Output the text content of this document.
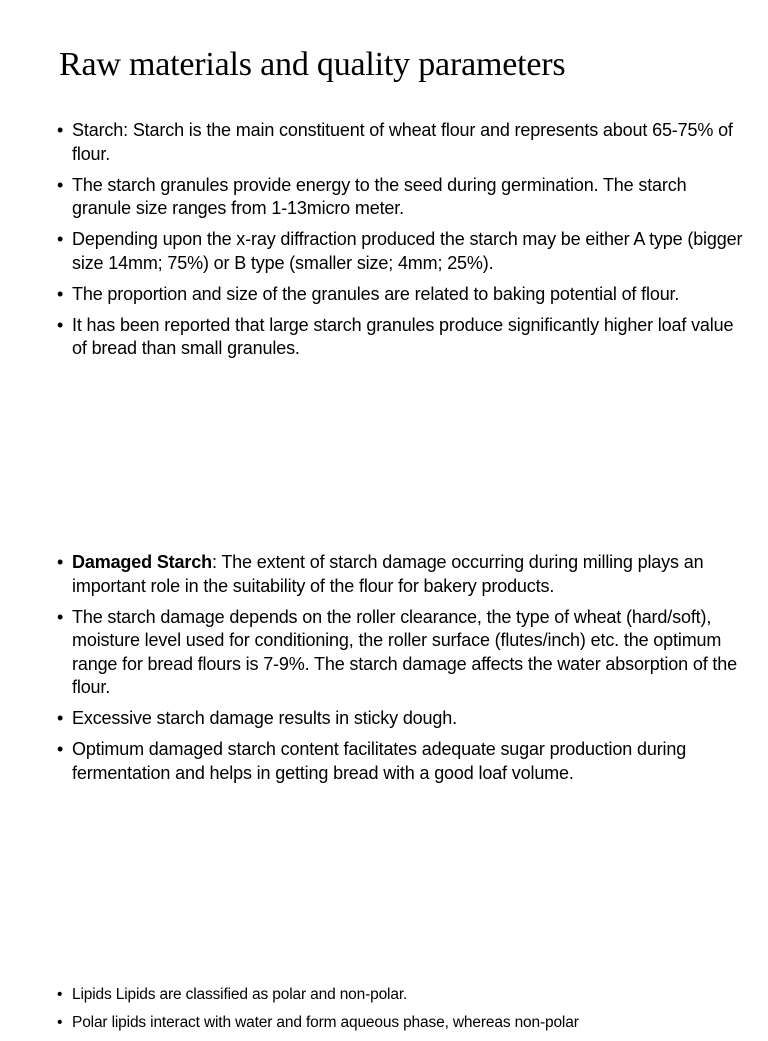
Raw materials and quality parameters
• Starch: Starch is the main constituent of wheat flour and represents about 65-75% of flour.
• The starch granules provide energy to the seed during germination. The starch granule size ranges from 1-13micro meter.
• Depending upon the x-ray diffraction produced the starch may be either A type (bigger size 14mm; 75%) or B type (smaller size; 4mm; 25%).
• The proportion and size of the granules are related to baking potential of flour.
• It has been reported that large starch granules produce significantly higher loaf value of bread than small granules.
• Damaged Starch: The extent of starch damage occurring during milling plays an important role in the suitability of the flour for bakery products.
• The starch damage depends on the roller clearance, the type of wheat (hard/soft), moisture level used for conditioning, the roller surface (flutes/inch) etc. the optimum range for bread flours is 7-9%. The starch damage affects the water absorption of the flour.
• Excessive starch damage results in sticky dough.
• Optimum damaged starch content facilitates adequate sugar production during fermentation and helps in getting bread with a good loaf volume.
• Lipids Lipids are classified as polar and non-polar.
• Polar lipids interact with water and form aqueous phase, whereas non-polar
